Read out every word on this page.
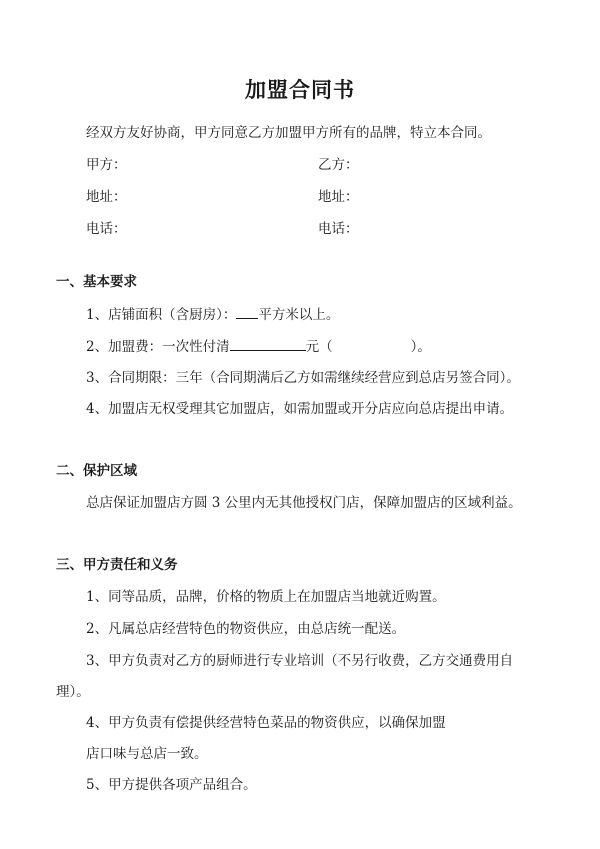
加盟合同书
经双方友好协商，甲方同意乙方加盟甲方所有的品牌，特立本合同。
甲方：	乙方：
地址：	地址：
电话：	电话：
一、基本要求
1、店铺面积（含厨房）： 平方米以上。
2、加盟费：一次性付清	元（	）。
3、合同期限：三年（合同期满后乙方如需继续经营应到总店另签合同）。
4、加盟店无权受理其它加盟店，如需加盟或开分店应向总店提出申请。
二、保护区域
总店保证加盟店方圆 3 公里内无其他授权门店，保障加盟店的区域利益。
三、甲方责任和义务
1、同等品质，品牌，价格的物质上在加盟店当地就近购置。
2、凡属总店经营特色的物资供应，由总店统一配送。
3、甲方负责对乙方的厨师进行专业培训（不另行收费，乙方交通费用自
理）。
4、甲方负责有偿提供经营特色菜品的物资供应，以确保加盟
店口味与总店一致。
5、甲方提供各项产品组合。
